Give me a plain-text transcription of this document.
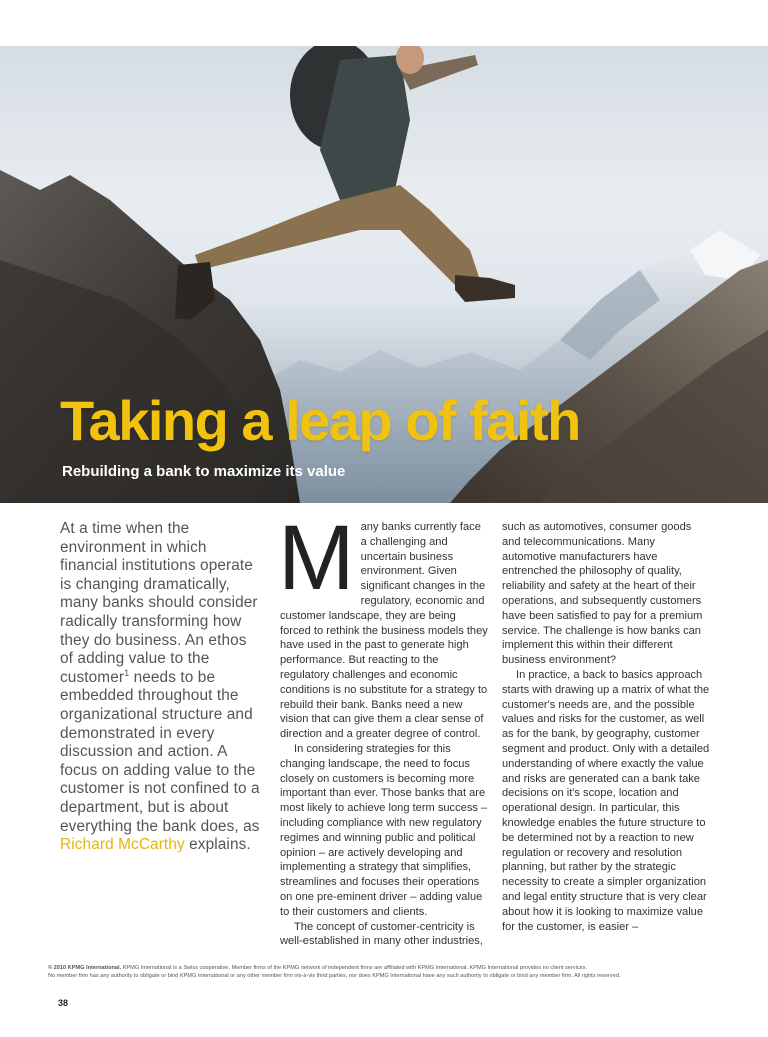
Taking a leap of faith
Rebuilding a bank to maximize its value
At a time when the environment in which financial institutions operate is changing dramatically, many banks should consider radically transforming how they do business. An ethos of adding value to the customer$^1$ needs to be embedded throughout the organizational structure and demonstrated in every discussion and action. A focus on adding value to the customer is not confined to a department, but is about everything the bank does, as Richard McCarthy explains.
M any banks currently face a challenging and uncertain business environment. Given significant changes in the regulatory, economic and customer landscape, they are being forced to rethink the business models they have used in the past to generate high performance. But reacting to the regulatory challenges and economic conditions is no substitute for a strategy to rebuild their bank. Banks need a new vision that can give them a clear sense of direction and a greater degree of control.

In considering strategies for this changing landscape, the need to focus closely on customers is becoming more important than ever. Those banks that are most likely to achieve long term success – including compliance with new regulatory regimes and winning public and political opinion – are actively developing and implementing a strategy that simplifies, streamlines and focuses their operations on one pre-eminent driver – adding value to their customers and clients.

The concept of customer-centricity is well-established in many other industries,

such as automotives, consumer goods and telecommunications. Many automotive manufacturers have entrenched the philosophy of quality, reliability and safety at the heart of their operations, and subsequently customers have been satisfied to pay for a premium service. The challenge is how banks can implement this within their different business environment?

In practice, a back to basics approach starts with drawing up a matrix of what the customer's needs are, and the possible values and risks for the customer, as well as for the bank, by geography, customer segment and product. Only with a detailed understanding of where exactly the value and risks are generated can a bank take decisions on it's scope, location and operational design. In particular, this knowledge enables the future structure to be determined not by a reaction to new regulation or recovery and resolution planning, but rather by the strategic necessity to create a simpler organization and legal entity structure that is very clear about how it is looking to maximize value for the customer, is easier –

© 2010 KPMG International. KPMG International is a Swiss cooperative. Member firms of the KPMG network of independent firms are affiliated with KPMG International. KPMG International provides no client services.
No member firm has any authority to obligate or bind KPMG International or any other member firm vis-à-vis third parties, nor does KPMG International have any such authority to obligate or bind any member firm. All rights reserved.
38
